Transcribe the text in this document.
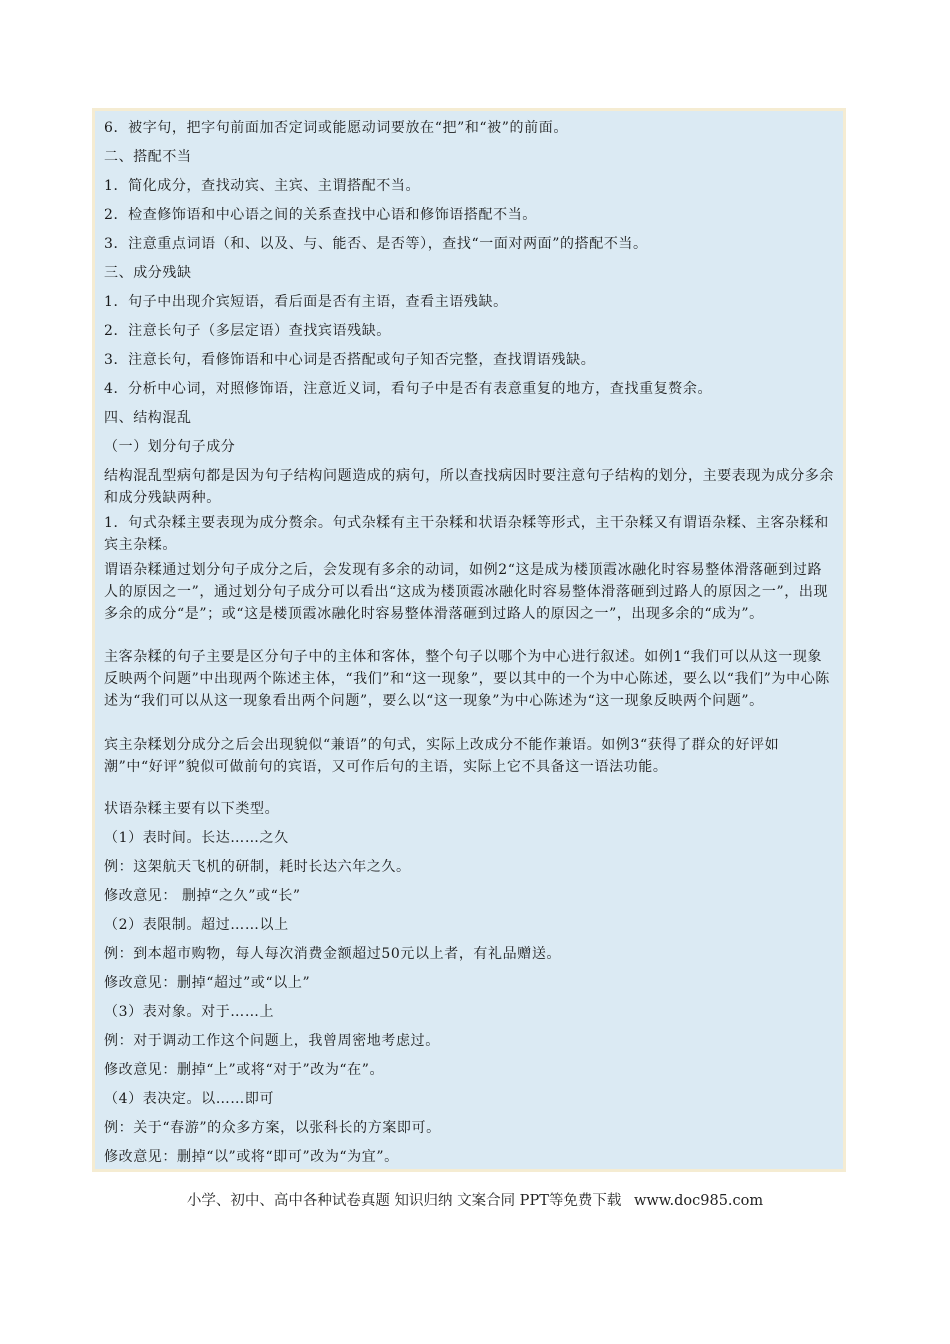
6．被字句，把字句前面加否定词或能愿动词要放在“把”和“被”的前面。

二、搭配不当

1．简化成分，查找动宾、主宾、主谓搭配不当。

2．检查修饰语和中心语之间的关系查找中心语和修饰语搭配不当。

3．注意重点词语（和、以及、与、能否、是否等），查找“一面对两面”的搭配不当。

三、成分残缺

1．句子中出现介宾短语，看后面是否有主语，查看主语残缺。

2．注意长句子（多层定语）查找宾语残缺。

3．注意长句，看修饰语和中心词是否搭配或句子知否完整，查找谓语残缺。

4．分析中心词，对照修饰语，注意近义词，看句子中是否有表意重复的地方，查找重复赘余。

四、结构混乱

（一）划分句子成分

结构混乱型病句都是因为句子结构问题造成的病句，所以查找病因时要注意句子结构的划分，主要表现为成分多余和成分残缺两种。

1．句式杂糅主要表现为成分赘余。句式杂糅有主干杂糅和状语杂糅等形式，主干杂糅又有谓语杂糅、主客杂糅和宾主杂糅。

谓语杂糅通过划分句子成分之后，会发现有多余的动词，如例2“这是成为楼顶霞冰融化时容易整体滑落砸到过路人的原因之一”，通过划分句子成分可以看出“这成为楼顶霞冰融化时容易整体滑落砸到过路人的原因之一”，出现多余的成分“是”；或“这是楼顶霞冰融化时容易整体滑落砸到过路人的原因之一”，出现多余的“成为”。

主客杂糅的句子主要是区分句子中的主体和客体，整个句子以哪个为中心进行叙述。如例1“我们可以从这一现象反映两个问题”中出现两个陈述主体，“我们”和“这一现象”，要以其中的一个为中心陈述，要么以“我们”为中心陈述为“我们可以从这一现象看出两个问题”，要么以“这一现象”为中心陈述为“这一现象反映两个问题”。

宾主杂糅划分成分之后会出现貌似“兼语”的句式，实际上改成分不能作兼语。如例3“获得了群众的好评如潮”中“好评”貌似可做前句的宾语，又可作后句的主语，实际上它不具备这一语法功能。

状语杂糅主要有以下类型。

（1）表时间。长达……之久

例：这架航天飞机的研制，耗时长达六年之久。

修改意见： 删掉“之久”或“长”

（2）表限制。超过……以上

例：到本超市购物，每人每次消费金额超过50元以上者，有礼品赠送。

修改意见：删掉“超过”或“以上”

（3）表对象。对于……上

例：对于调动工作这个问题上，我曾周密地考虑过。

修改意见：删掉“上”或将“对于”改为“在”。

（4）表决定。以……即可

例：关于“春游”的众多方案，以张科长的方案即可。

修改意见：删掉“以”或将“即可”改为“为宜”。

小学、初中、高中各种试卷真题 知识归纳 文案合同 PPT等免费下载 www.doc985.com
